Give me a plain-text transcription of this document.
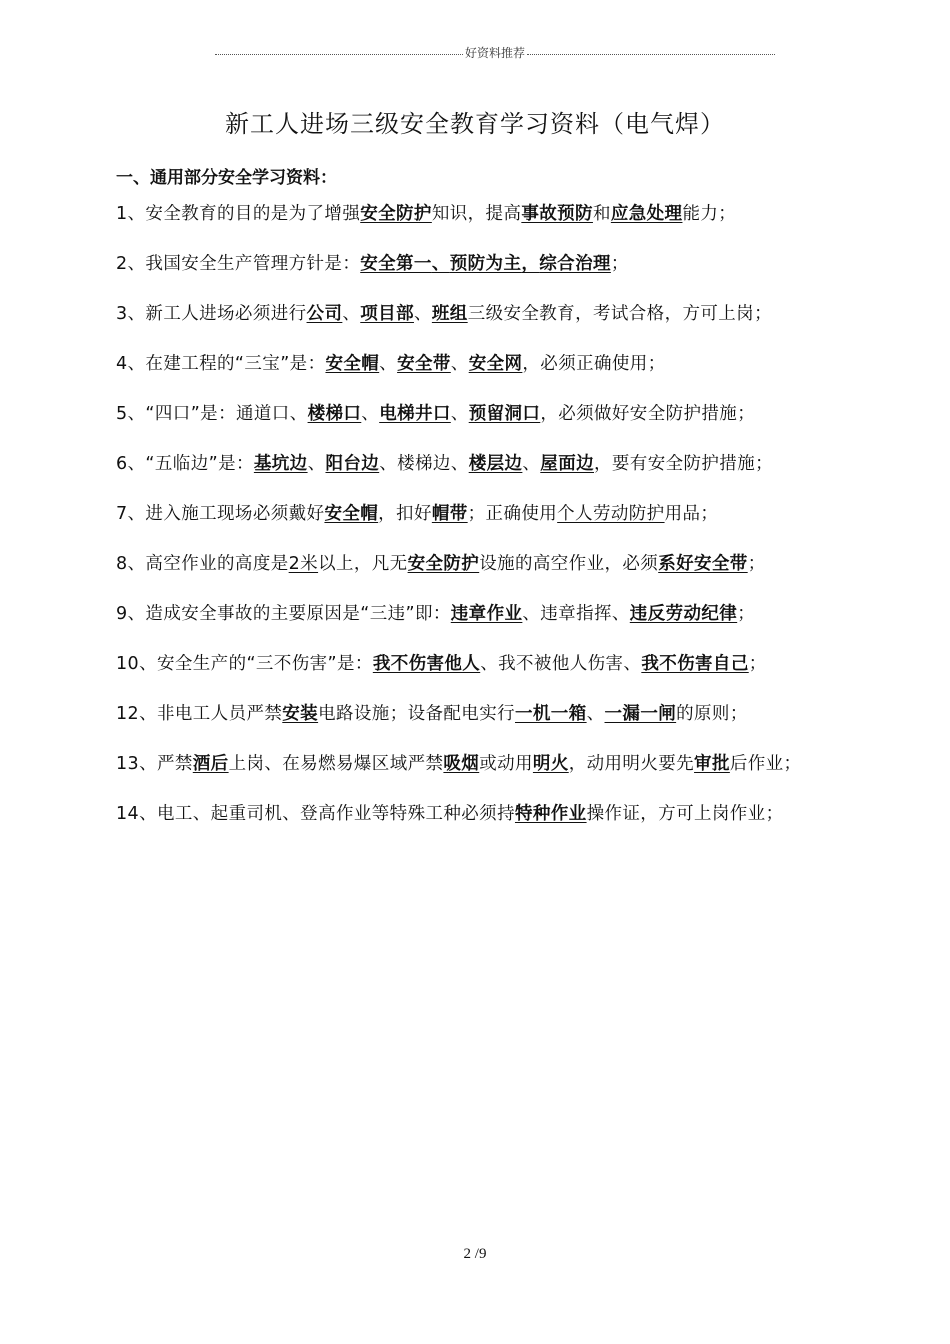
好资料推荐
新工人进场三级安全教育学习资料（电气焊）
一、通用部分安全学习资料：

1、安全教育的目的是为了增强安全防护知识，提高事故预防和应急处理能力；

2、我国安全生产管理方针是：安全第一、预防为主，综合治理；

3、新工人进场必须进行公司、项目部、班组三级安全教育，考试合格，方可上岗；

4、在建工程的“三宝”是：安全帽、安全带、安全网，必须正确使用；

5、“四口”是：通道口、楼梯口、电梯井口、预留洞口，必须做好安全防护措施；

6、“五临边”是：基坑边、阳台边、楼梯边、楼层边、屋面边，要有安全防护措施；

7、进入施工现场必须戴好安全帽，扣好帽带；正确使用个人劳动防护用品；

8、高空作业的高度是2米以上，凡无安全防护设施的高空作业，必须系好安全带；

9、造成安全事故的主要原因是“三违”即：违章作业、违章指挥、违反劳动纪律；

10、安全生产的“三不伤害”是：我不伤害他人、我不被他人伤害、我不伤害自己；

12、非电工人员严禁安装电路设施；设备配电实行一机一箱、一漏一闸的原则；

13、严禁酒后上岗、在易燃易爆区域严禁吸烟或动用明火，动用明火要先审批后作业；

14、电工、起重司机、登高作业等特殊工种必须持特种作业操作证，方可上岗作业；

2 /9
